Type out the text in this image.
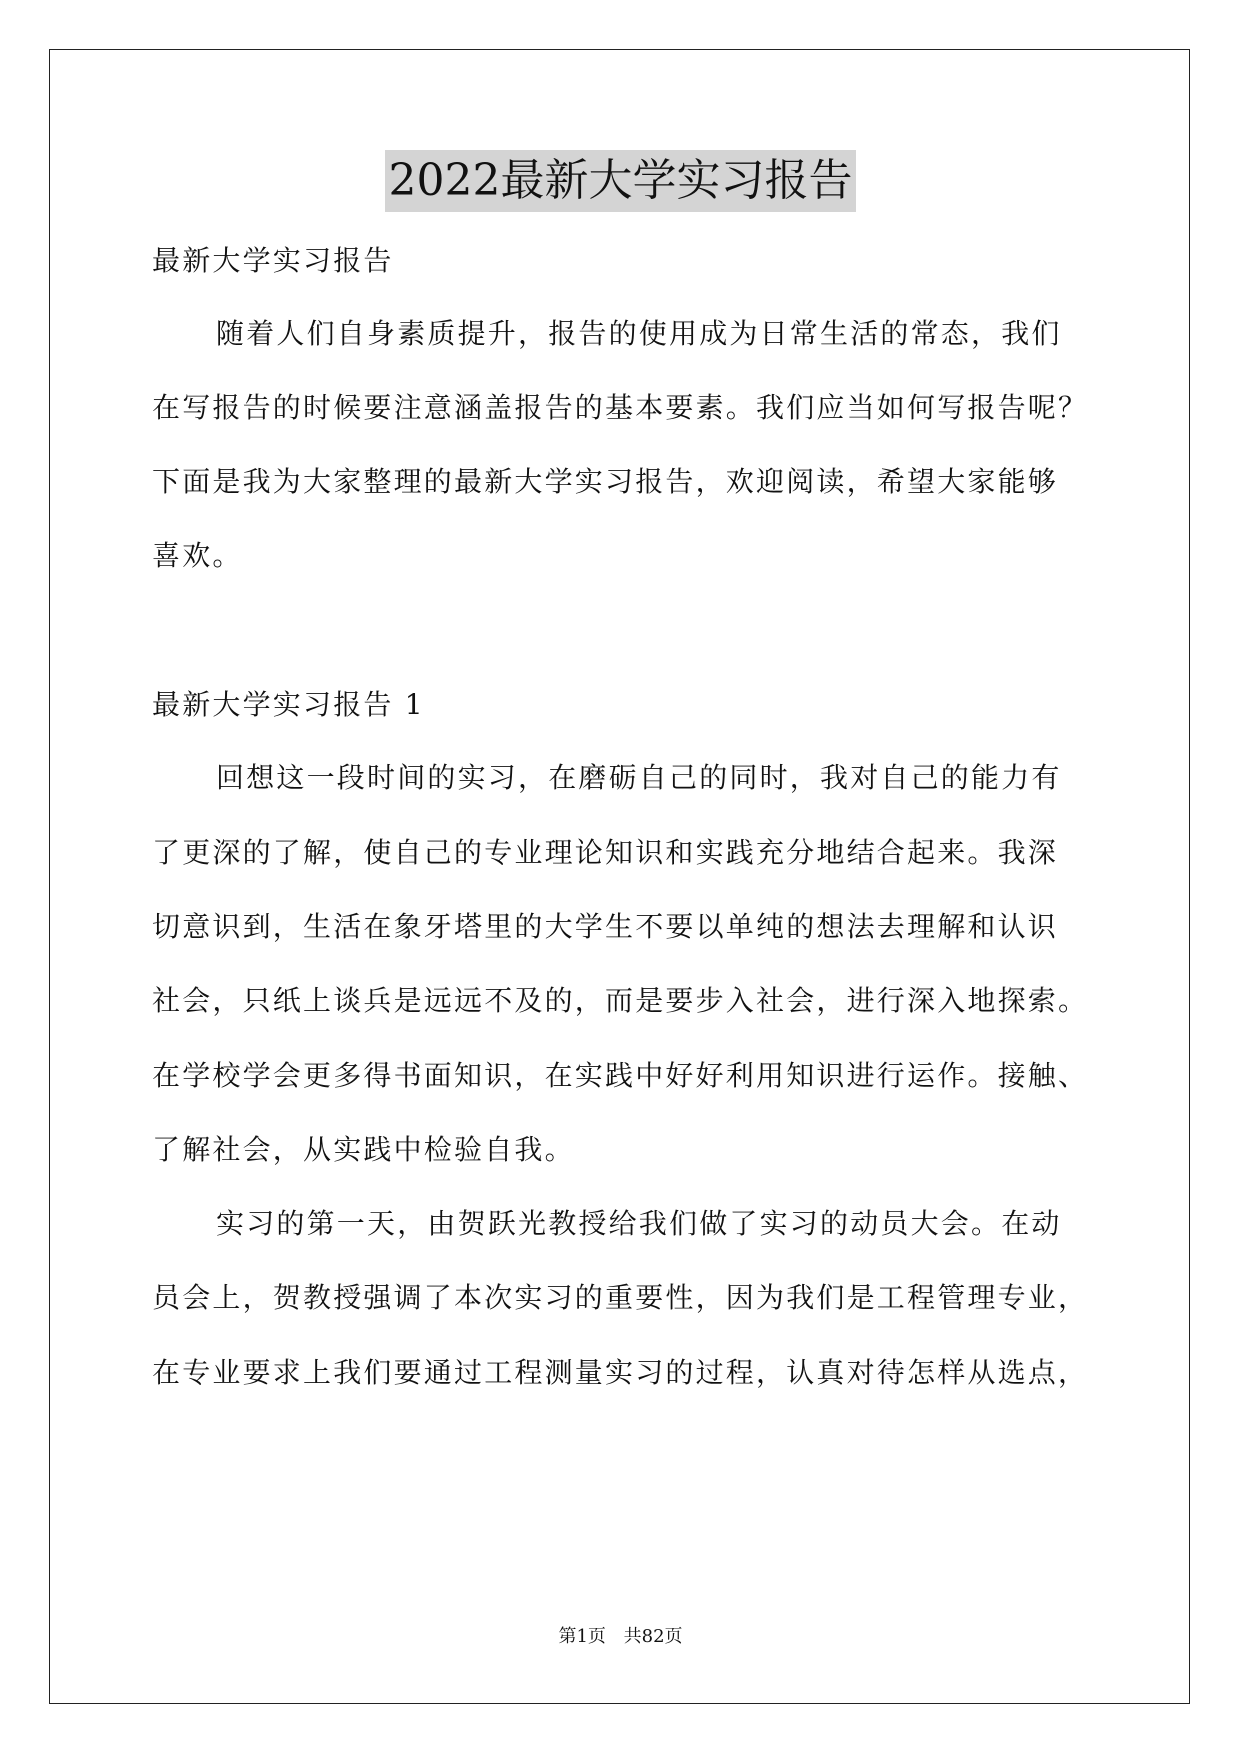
2022最新大学实习报告
最新大学实习报告
随着人们自身素质提升，报告的使用成为日常生活的常态，我们
在写报告的时候要注意涵盖报告的基本要素。我们应当如何写报告呢？
下面是我为大家整理的最新大学实习报告，欢迎阅读，希望大家能够
喜欢。
最新大学实习报告 1
回想这一段时间的实习，在磨砺自己的同时，我对自己的能力有
了更深的了解，使自己的专业理论知识和实践充分地结合起来。我深
切意识到，生活在象牙塔里的大学生不要以单纯的想法去理解和认识
社会，只纸上谈兵是远远不及的，而是要步入社会，进行深入地探索。
在学校学会更多得书面知识，在实践中好好利用知识进行运作。接触、
了解社会，从实践中检验自我。
实习的第一天，由贺跃光教授给我们做了实习的动员大会。在动
员会上，贺教授强调了本次实习的重要性，因为我们是工程管理专业，
在专业要求上我们要通过工程测量实习的过程，认真对待怎样从选点，
第1页 共82页
